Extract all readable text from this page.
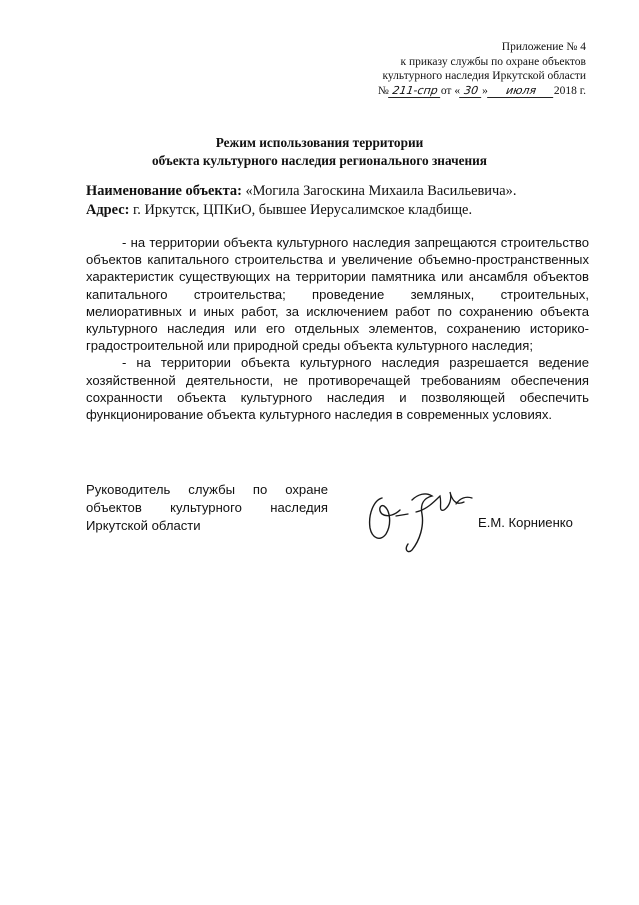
Приложение № 4
к приказу службы по охране объектов
культурного наследия Иркутской области
№ 211-спр от « 30 » июля 2018 г.
Режим использования территории
объекта культурного наследия регионального значения
Наименование объекта: «Могила Загоскина Михаила Васильевича».
Адрес: г. Иркутск, ЦПКиО, бывшее Иерусалимское кладбище.

- на территории объекта культурного наследия запрещаются строительство объектов капитального строительства и увеличение объемно-пространственных характеристик существующих на территории памятника или ансамбля объектов капитального строительства; проведение земляных, строительных, мелиоративных и иных работ, за исключением работ по сохранению объекта культурного наследия или его отдельных элементов, сохранению историко-градостроительной или природной среды объекта культурного наследия;

- на территории объекта культурного наследия разрешается ведение хозяйственной деятельности, не противоречащей требованиям обеспечения сохранности объекта культурного наследия и позволяющей обеспечить функционирование объекта культурного наследия в современных условиях.

Руководитель службы по охране объектов культурного наследия Иркутской области	Е.М. Корниенко
